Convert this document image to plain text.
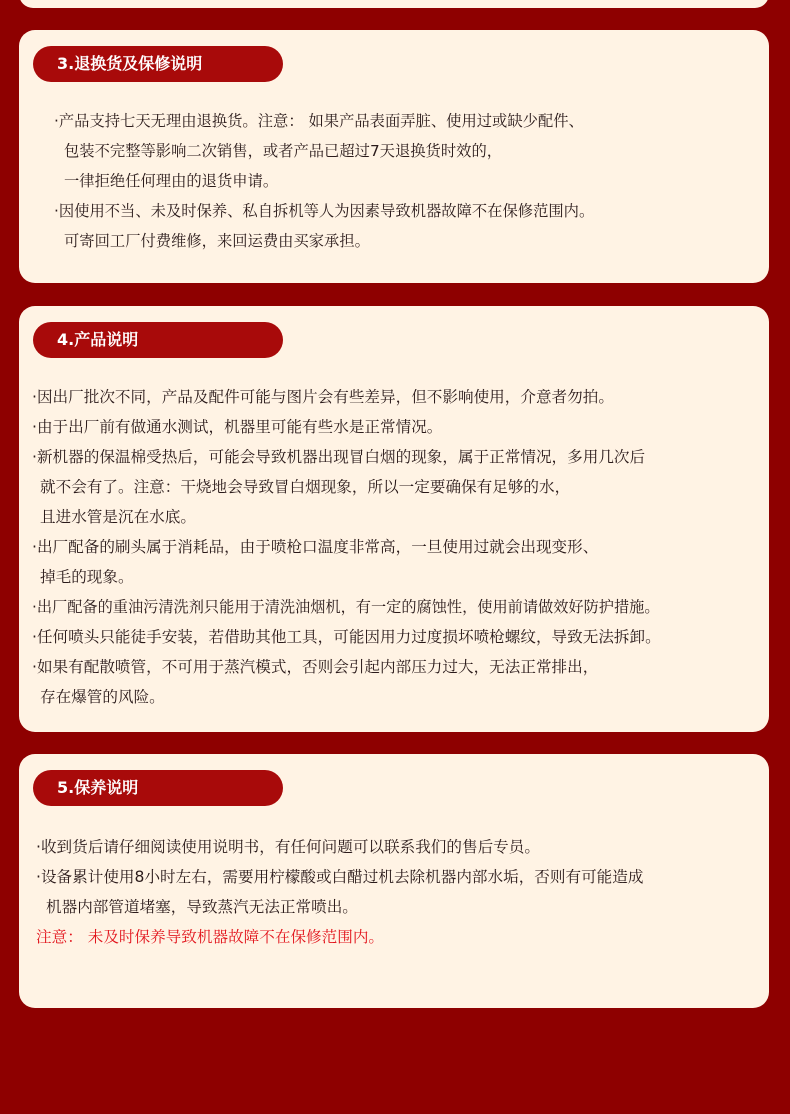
3.退换货及保修说明
·产品支持七天无理由退换货。注意： 如果产品表面弄脏、使用过或缺少配件、
包装不完整等影响二次销售，或者产品已超过7天退换货时效的，
一律拒绝任何理由的退货申请。
·因使用不当、未及时保养、私自拆机等人为因素导致机器故障不在保修范围内。
可寄回工厂付费维修，来回运费由买家承担。
4.产品说明
·因出厂批次不同，产品及配件可能与图片会有些差异，但不影响使用，介意者勿拍。
·由于出厂前有做通水测试，机器里可能有些水是正常情况。
·新机器的保温棉受热后，可能会导致机器出现冒白烟的现象，属于正常情况，多用几次后
就不会有了。注意：干烧地会导致冒白烟现象，所以一定要确保有足够的水，
且进水管是沉在水底。
·出厂配备的刷头属于消耗品，由于喷枪口温度非常高，一旦使用过就会出现变形、
掉毛的现象。
·出厂配备的重油污清洗剂只能用于清洗油烟机，有一定的腐蚀性，使用前请做效好防护措施。
·任何喷头只能徒手安装，若借助其他工具，可能因用力过度损坏喷枪螺纹，导致无法拆卸。
·如果有配散喷管，不可用于蒸汽模式，否则会引起内部压力过大，无法正常排出，
存在爆管的风险。
5.保养说明
·收到货后请仔细阅读使用说明书，有任何问题可以联系我们的售后专员。
·设备累计使用8小时左右，需要用柠檬酸或白醋过机去除机器内部水垢，否则有可能造成
机器内部管道堵塞，导致蒸汽无法正常喷出。
注意： 未及时保养导致机器故障不在保修范围内。
